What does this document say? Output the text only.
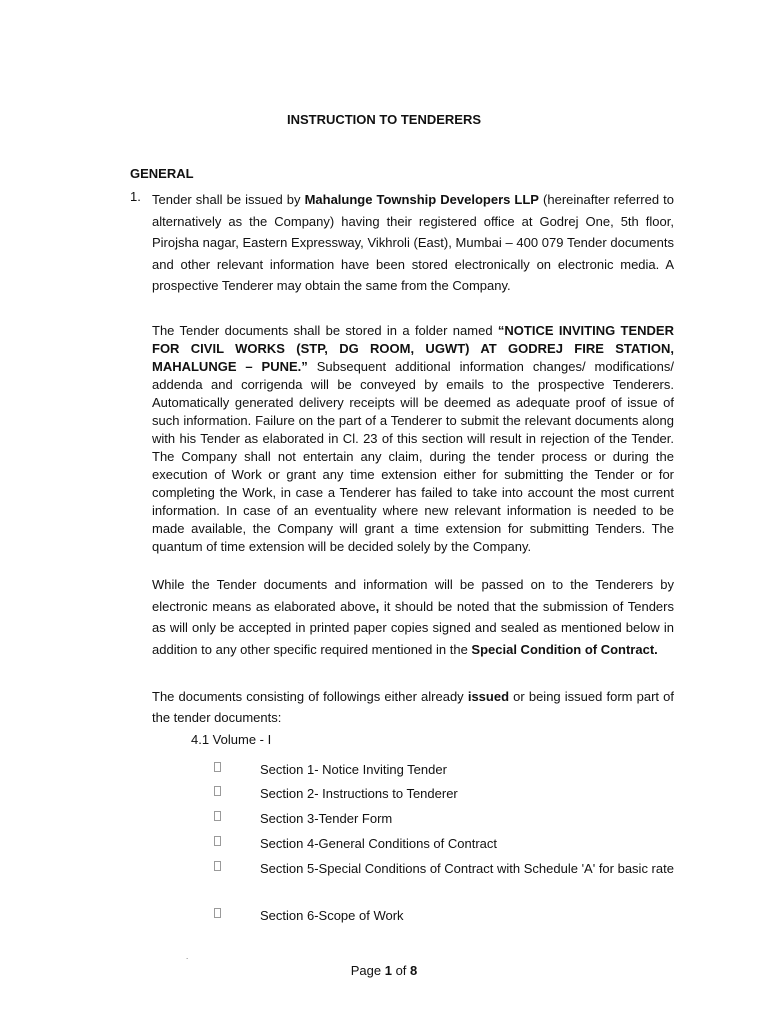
INSTRUCTION TO TENDERERS
GENERAL
1. Tender shall be issued by Mahalunge Township Developers LLP (hereinafter referred to alternatively as the Company) having their registered office at Godrej One, 5th floor, Pirojsha nagar, Eastern Expressway, Vikhroli (East), Mumbai – 400 079 Tender documents and other relevant information have been stored electronically on electronic media. A prospective Tenderer may obtain the same from the Company.

The Tender documents shall be stored in a folder named “NOTICE INVITING TENDER FOR CIVIL WORKS (STP, DG ROOM, UGWT) AT GODREJ FIRE STATION, MAHALUNGE – PUNE.” Subsequent additional information changes/ modifications/ addenda and corrigenda will be conveyed by emails to the prospective Tenderers. Automatically generated delivery receipts will be deemed as adequate proof of issue of such information. Failure on the part of a Tenderer to submit the relevant documents along with his Tender as elaborated in Cl. 23 of this section will result in rejection of the Tender. The Company shall not entertain any claim, during the tender process or during the execution of Work or grant any time extension either for submitting the Tender or for completing the Work, in case a Tenderer has failed to take into account the most current information. In case of an eventuality where new relevant information is needed to be made available, the Company will grant a time extension for submitting Tenders. The quantum of time extension will be decided solely by the Company.

While the Tender documents and information will be passed on to the Tenderers by electronic means as elaborated above, it should be noted that the submission of Tenders as will only be accepted in printed paper copies signed and sealed as mentioned below in addition to any other specific required mentioned in the Special Condition of Contract.

The documents consisting of followings either already issued or being issued form part of the tender documents:

4.1 Volume - I
Section 1- Notice Inviting Tender
Section 2- Instructions to Tenderer
Section 3-Tender Form
Section 4-General Conditions of Contract
Section 5-Special Conditions of Contract with Schedule 'A' for basic rate
Section 6-Scope of Work
.
Page 1 of 8
